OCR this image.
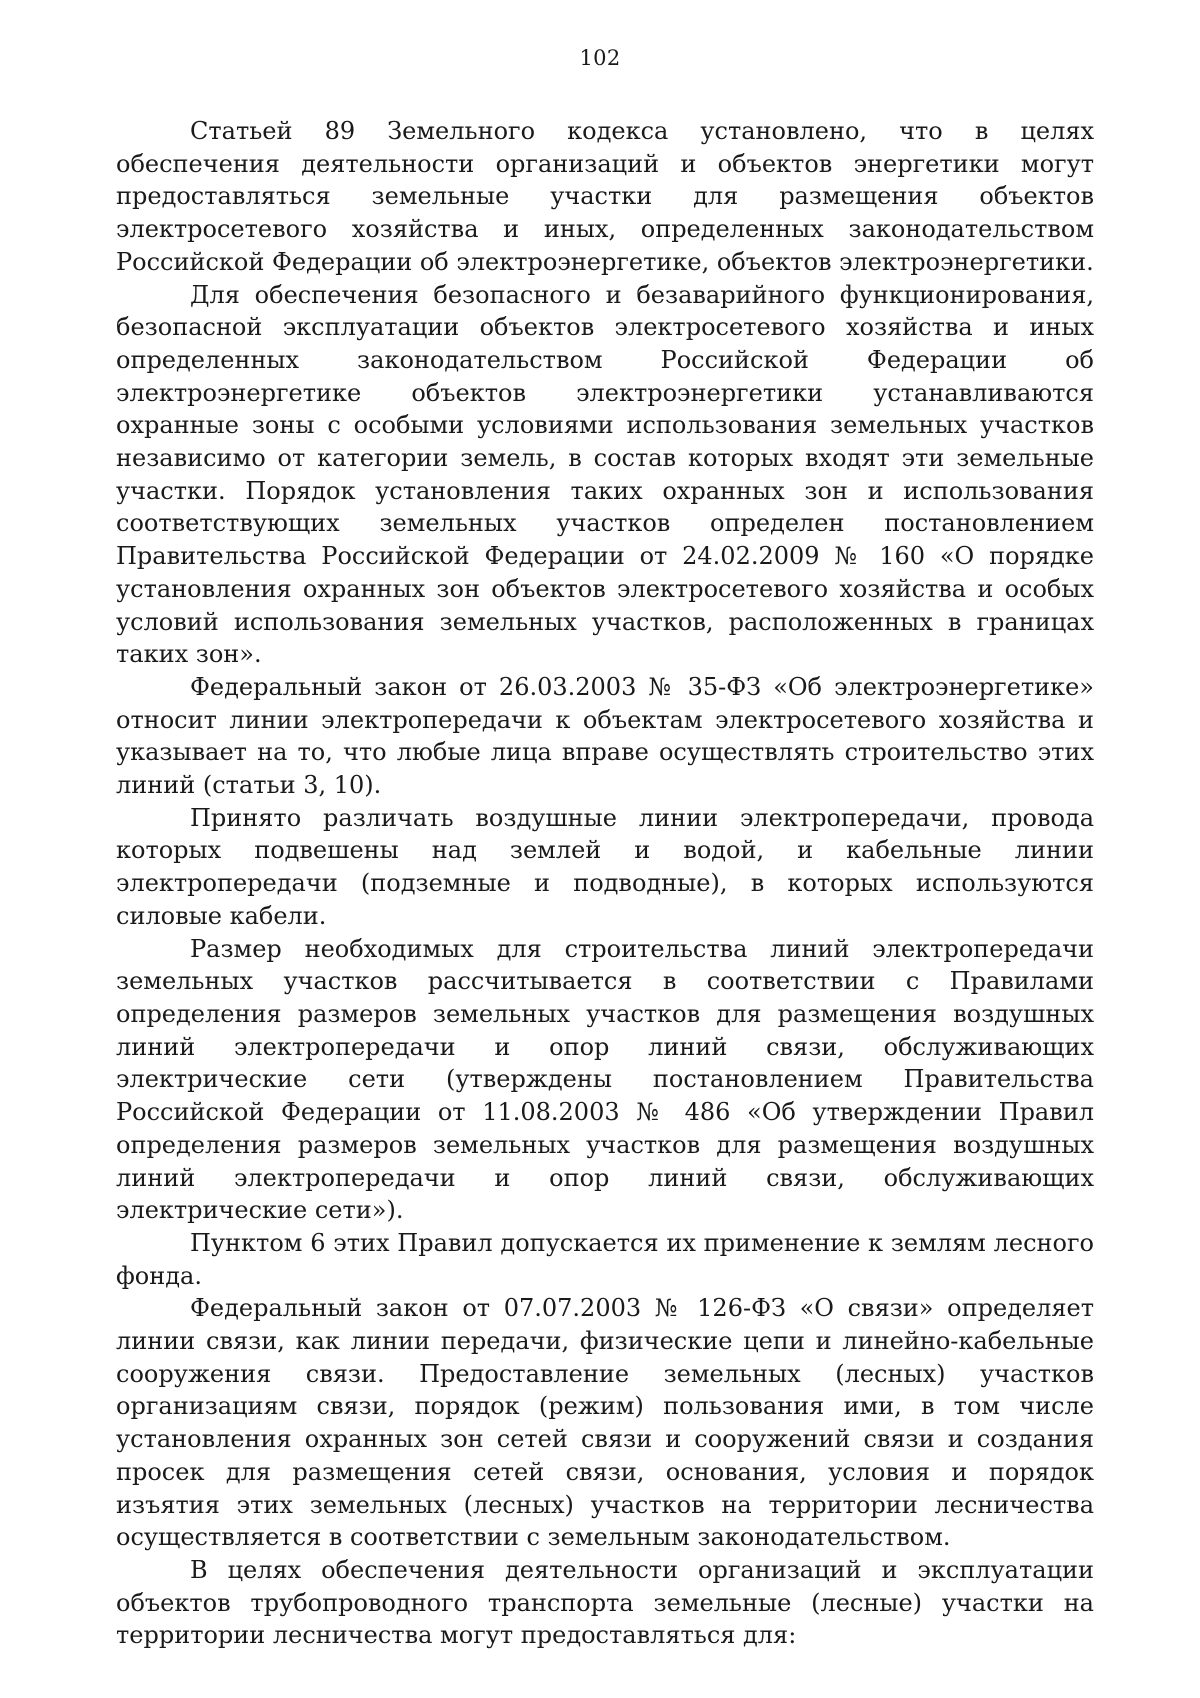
102

Статьей 89 Земельного кодекса установлено, что в целях обеспечения деятельности организаций и объектов энергетики могут предоставляться земельные участки для размещения объектов электросетевого хозяйства и иных, определенных законодательством Российской Федерации об электроэнергетике, объектов электроэнергетики.

Для обеспечения безопасного и безаварийного функционирования, безопасной эксплуатации объектов электросетевого хозяйства и иных определенных законодательством Российской Федерации об электроэнергетике объектов электроэнергетики устанавливаются охранные зоны с особыми условиями использования земельных участков независимо от категории земель, в состав которых входят эти земельные участки. Порядок установления таких охранных зон и использования соответствующих земельных участков определен постановлением Правительства Российской Федерации от 24.02.2009 № 160 «О порядке установления охранных зон объектов электросетевого хозяйства и особых условий использования земельных участков, расположенных в границах таких зон».

Федеральный закон от 26.03.2003 № 35-ФЗ «Об электроэнергетике» относит линии электропередачи к объектам электросетевого хозяйства и указывает на то, что любые лица вправе осуществлять строительство этих линий (статьи 3, 10).

Принято различать воздушные линии электропередачи, провода которых подвешены над землей и водой, и кабельные линии электропередачи (подземные и подводные), в которых используются силовые кабели.

Размер необходимых для строительства линий электропередачи земельных участков рассчитывается в соответствии с Правилами определения размеров земельных участков для размещения воздушных линий электропередачи и опор линий связи, обслуживающих электрические сети (утверждены постановлением Правительства Российской Федерации от 11.08.2003 № 486 «Об утверждении Правил определения размеров земельных участков для размещения воздушных линий электропередачи и опор линий связи, обслуживающих электрические сети»).

Пунктом 6 этих Правил допускается их применение к землям лесного фонда.

Федеральный закон от 07.07.2003 № 126-ФЗ «О связи» определяет линии связи, как линии передачи, физические цепи и линейно-кабельные сооружения связи. Предоставление земельных (лесных) участков организациям связи, порядок (режим) пользования ими, в том числе установления охранных зон сетей связи и сооружений связи и создания просек для размещения сетей связи, основания, условия и порядок изъятия этих земельных (лесных) участков на территории лесничества осуществляется в соответствии с земельным законодательством.

В целях обеспечения деятельности организаций и эксплуатации объектов трубопроводного транспорта земельные (лесные) участки на территории лесничества могут предоставляться для:
